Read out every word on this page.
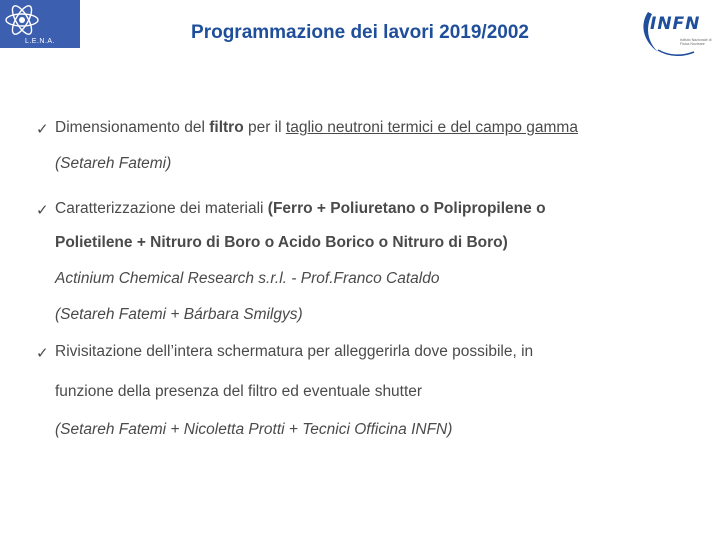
L.E.N.A.	Programmazione dei lavori 2019/2002	INFN
Istituto Nazionale di Fisica Nucleare
✓ Dimensionamento del filtro per il taglio neutroni termici e del campo gamma
(Setareh Fatemi)
✓ Caratterizzazione dei materiali (Ferro + Poliuretano o Polipropilene o
Polietilene + Nitruro di Boro o Acido Borico o Nitruro di Boro)
Actinium Chemical Research s.r.l. - Prof.Franco Cataldo
(Setareh Fatemi + Bárbara Smilgys)
✓ Rivisitazione dell’intera schermatura per alleggerirla dove possibile, in
funzione della presenza del filtro ed eventuale shutter
(Setareh Fatemi + Nicoletta Protti + Tecnici Officina INFN)
